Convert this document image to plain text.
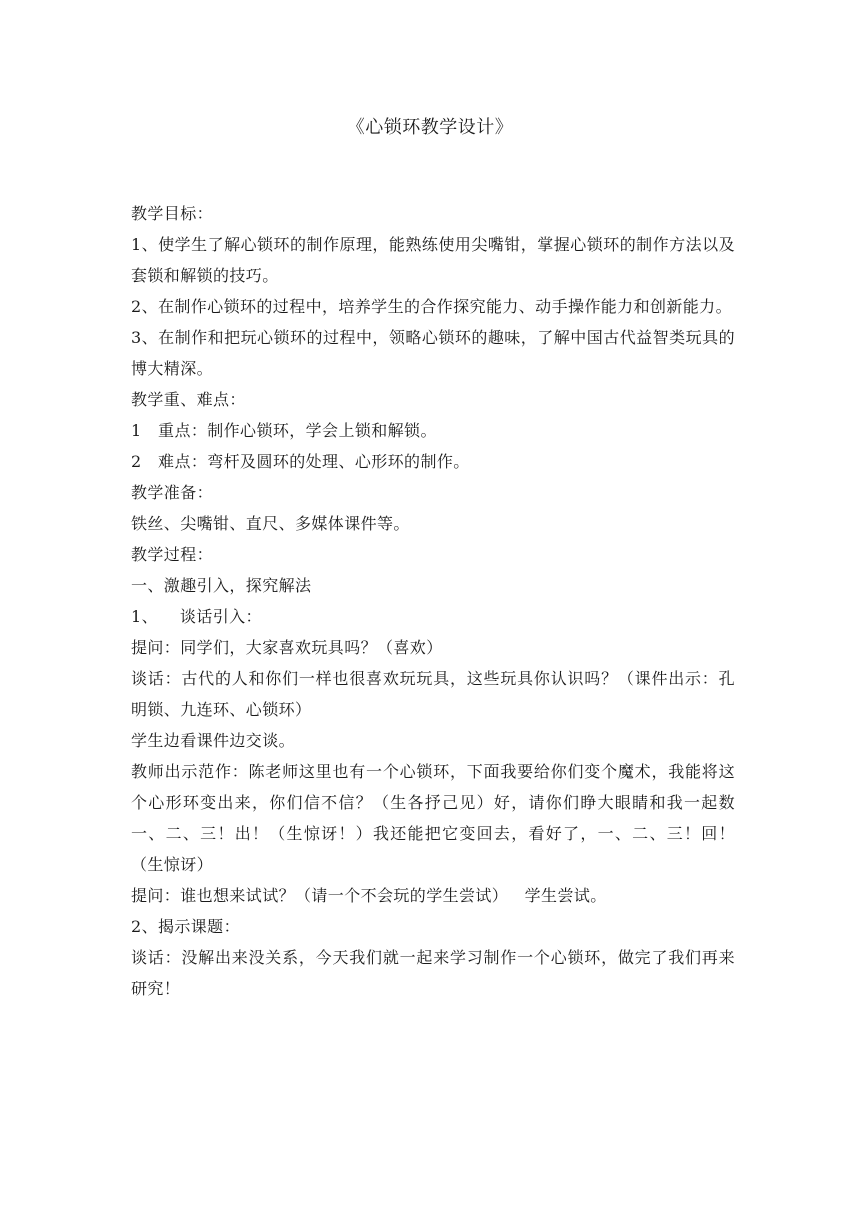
《心锁环教学设计》
教学目标：
1、使学生了解心锁环的制作原理，能熟练使用尖嘴钳，掌握心锁环的制作方法以及套锁和解锁的技巧。
2、在制作心锁环的过程中，培养学生的合作探究能力、动手操作能力和创新能力。
3、在制作和把玩心锁环的过程中，领略心锁环的趣味，了解中国古代益智类玩具的博大精深。
教学重、难点：
1   重点：制作心锁环，学会上锁和解锁。
2   难点：弯杆及圆环的处理、心形环的制作。
教学准备：
铁丝、尖嘴钳、直尺、多媒体课件等。
教学过程：
一、激趣引入，探究解法
1、    谈话引入：
提问：同学们，大家喜欢玩具吗？（喜欢）
谈话：古代的人和你们一样也很喜欢玩玩具，这些玩具你认识吗？（课件出示：孔明锁、九连环、心锁环）
学生边看课件边交谈。
教师出示范作：陈老师这里也有一个心锁环，下面我要给你们变个魔术，我能将这个心形环变出来，你们信不信？（生各抒己见）好，请你们睁大眼睛和我一起数一、二、三！出！（生惊讶！）我还能把它变回去，看好了，一、二、三！回！（生惊讶）
提问：谁也想来试试？（请一个不会玩的学生尝试）   学生尝试。
2、揭示课题：
谈话：没解出来没关系，今天我们就一起来学习制作一个心锁环，做完了我们再来研究！
